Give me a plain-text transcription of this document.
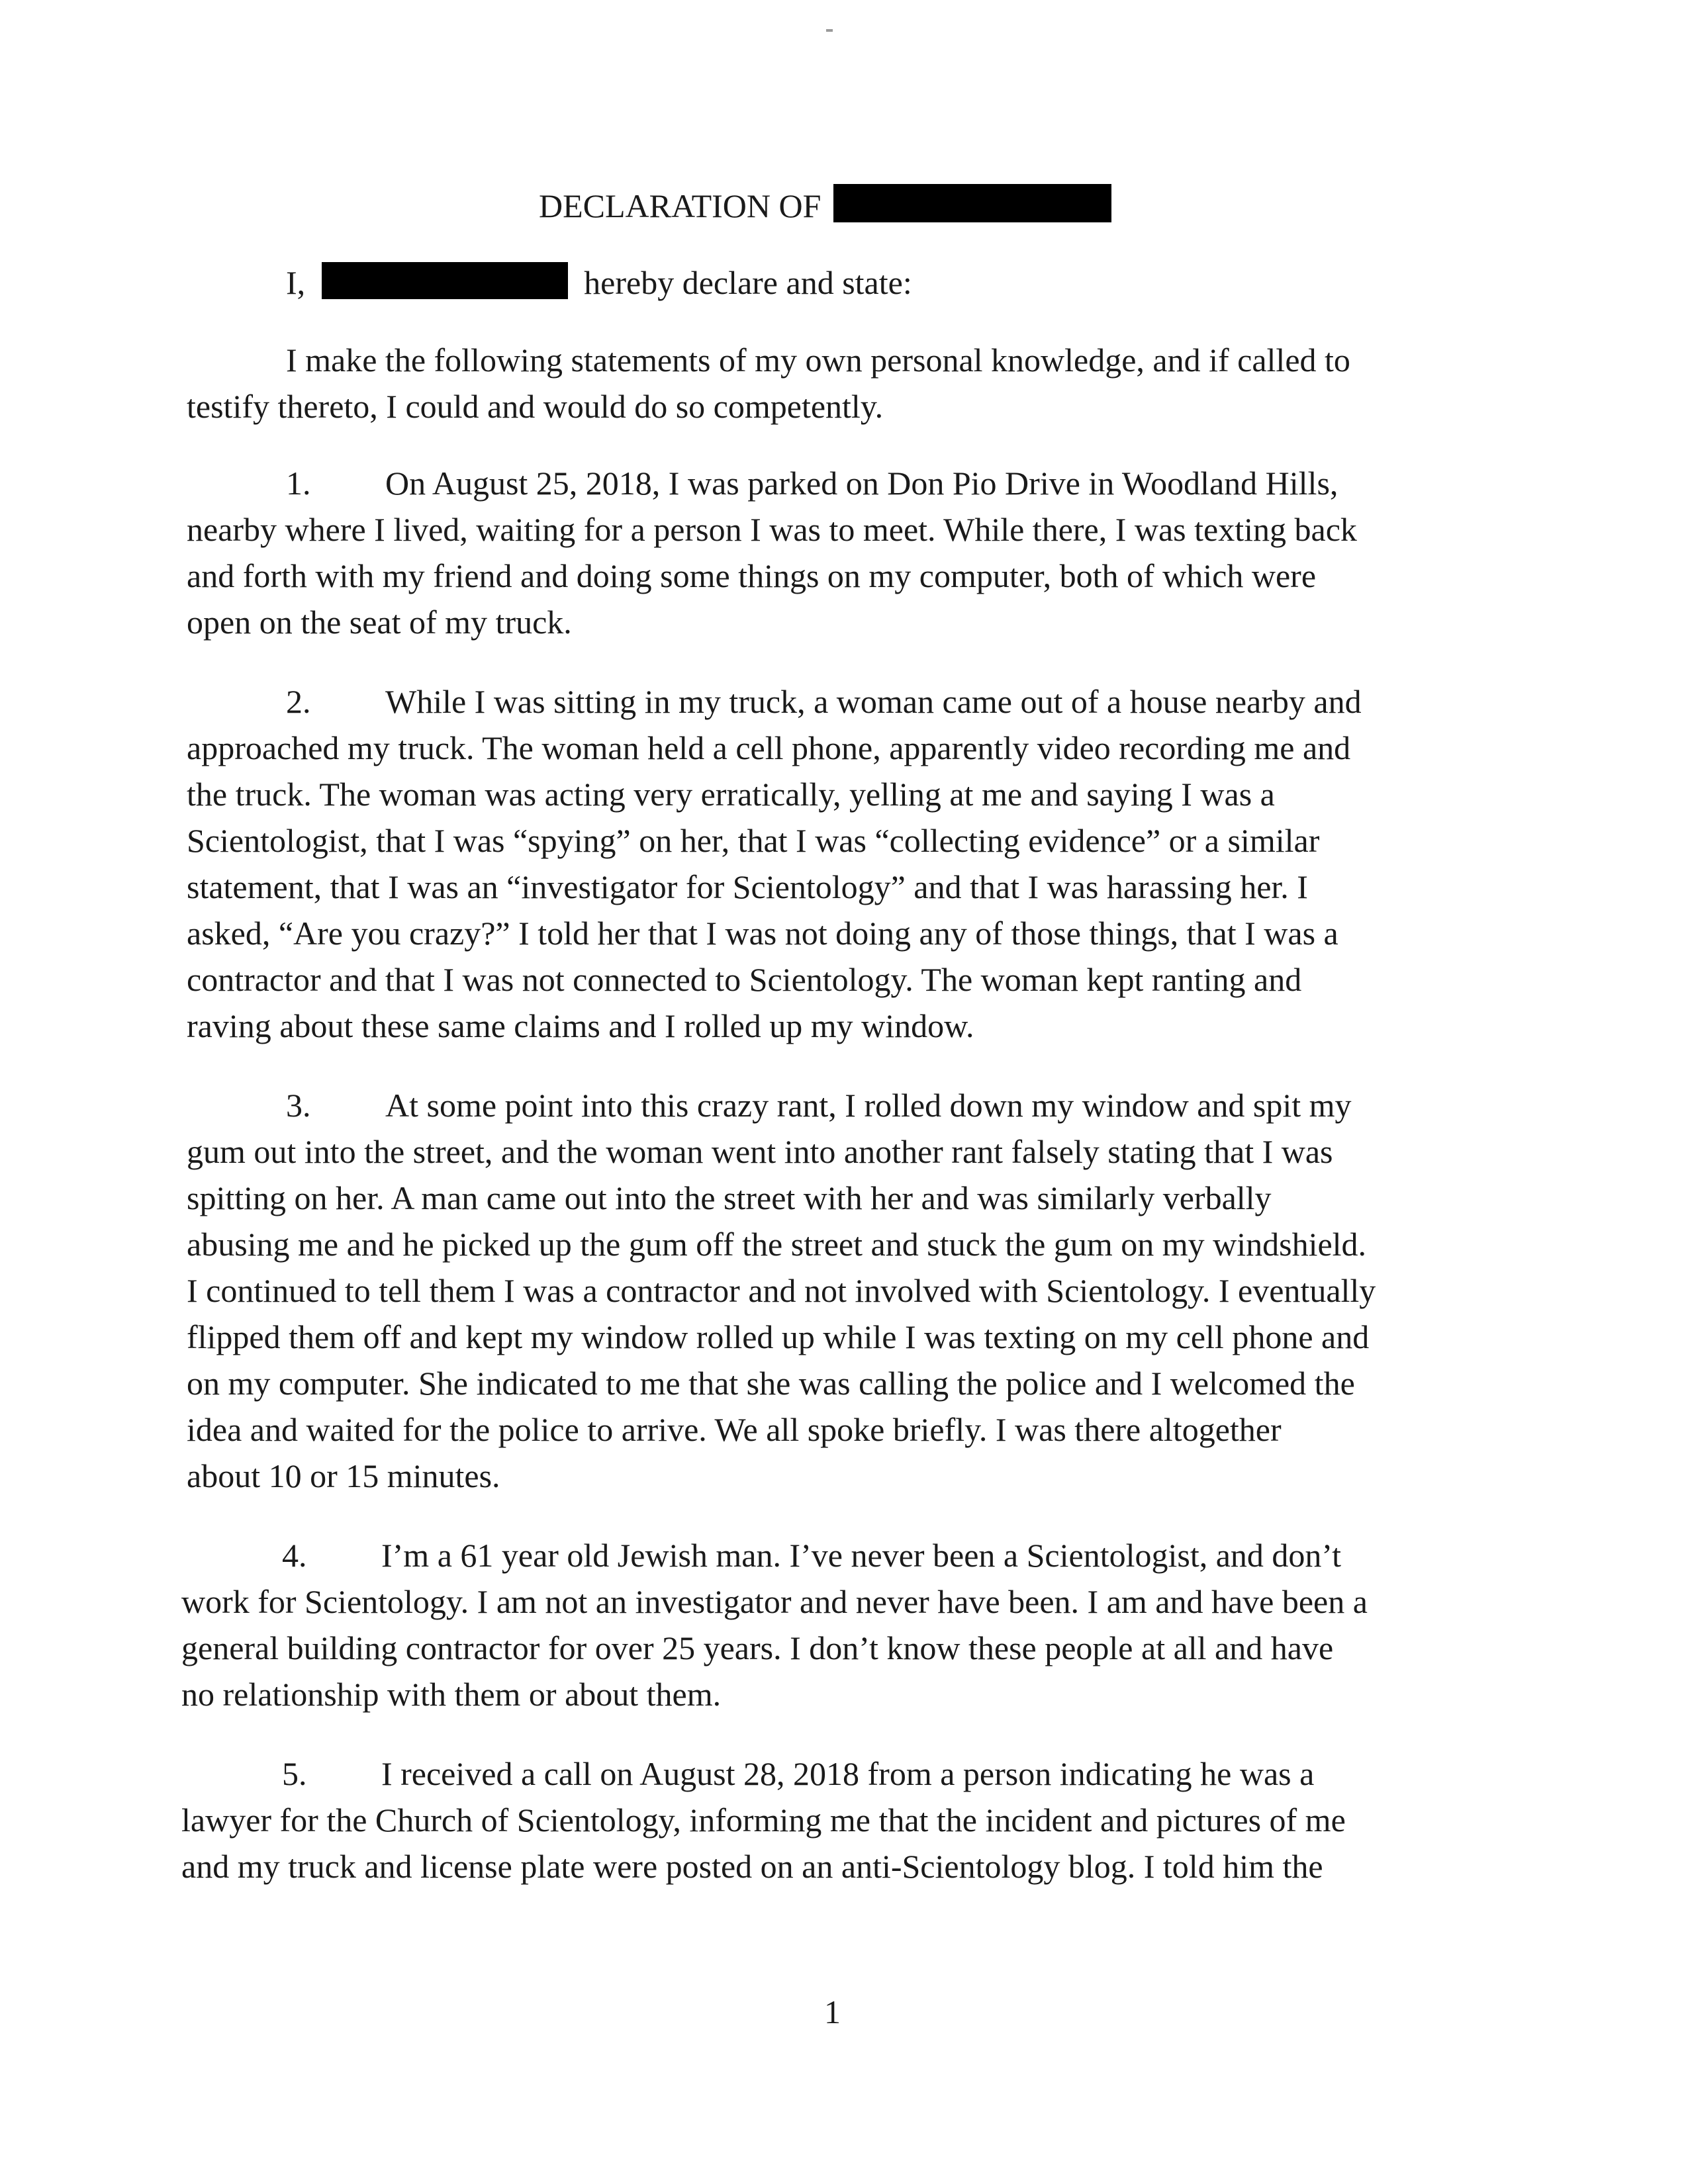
DECLARATION OF
I,	hereby declare and state:
I make the following statements of my own personal knowledge, and if called to
testify thereto, I could and would do so competently.
1. On August 25, 2018, I was parked on Don Pio Drive in Woodland Hills,
nearby where I lived, waiting for a person I was to meet. While there, I was texting back
and forth with my friend and doing some things on my computer, both of which were
open on the seat of my truck.
2. While I was sitting in my truck, a woman came out of a house nearby and
approached my truck. The woman held a cell phone, apparently video recording me and
the truck. The woman was acting very erratically, yelling at me and saying I was a
Scientologist, that I was “spying” on her, that I was “collecting evidence” or a similar
statement, that I was an “investigator for Scientology” and that I was harassing her. I
asked, “Are you crazy?” I told her that I was not doing any of those things, that I was a
contractor and that I was not connected to Scientology. The woman kept ranting and
raving about these same claims and I rolled up my window.
3. At some point into this crazy rant, I rolled down my window and spit my
gum out into the street, and the woman went into another rant falsely stating that I was
spitting on her. A man came out into the street with her and was similarly verbally
abusing me and he picked up the gum off the street and stuck the gum on my windshield.
I continued to tell them I was a contractor and not involved with Scientology. I eventually
flipped them off and kept my window rolled up while I was texting on my cell phone and
on my computer. She indicated to me that she was calling the police and I welcomed the
idea and waited for the police to arrive. We all spoke briefly. I was there altogether
about 10 or 15 minutes.
4. I’m a 61 year old Jewish man. I’ve never been a Scientologist, and don’t
work for Scientology. I am not an investigator and never have been. I am and have been a
general building contractor for over 25 years. I don’t know these people at all and have
no relationship with them or about them.
5. I received a call on August 28, 2018 from a person indicating he was a
lawyer for the Church of Scientology, informing me that the incident and pictures of me
and my truck and license plate were posted on an anti-Scientology blog. I told him the
1
